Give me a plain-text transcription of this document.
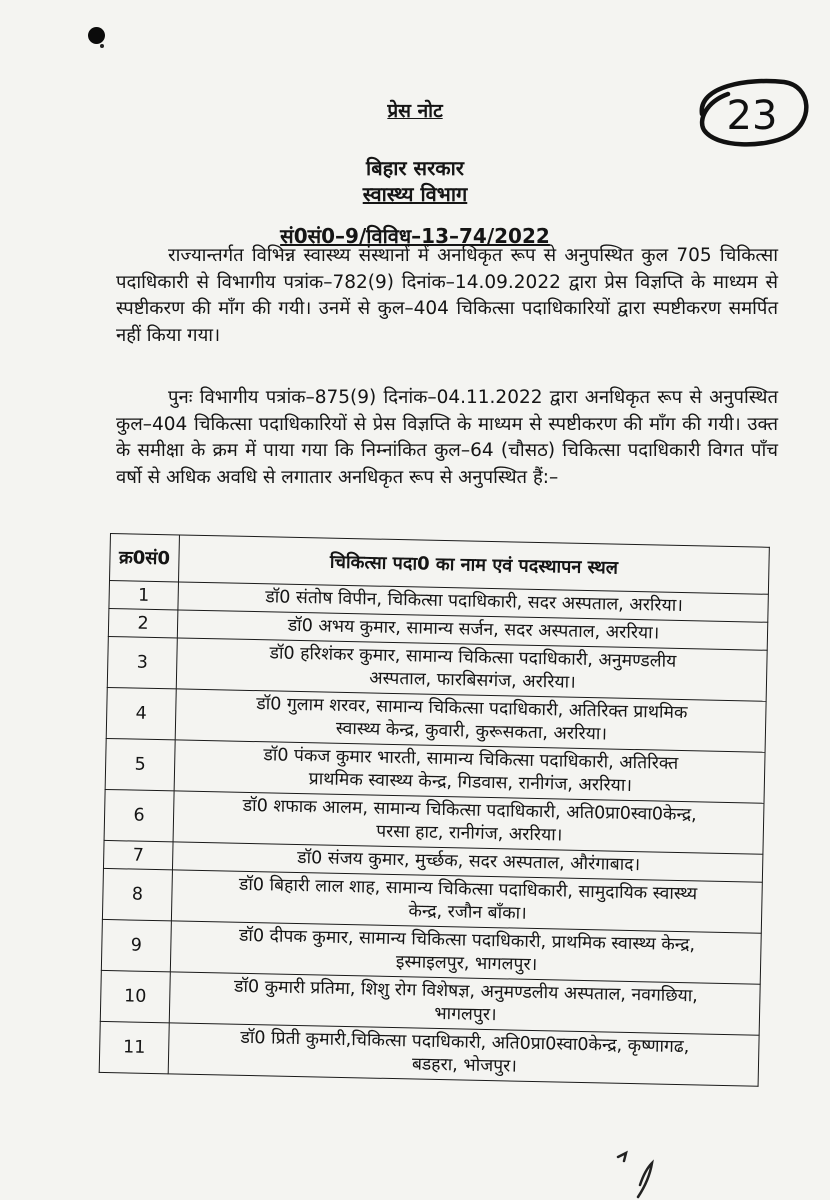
23
प्रेस नोट
बिहार सरकार
स्वास्थ्य विभाग
सं0सं0–9/विविध–13–74/2022
राज्यान्तर्गत विभिन्न स्वास्थ्य संस्थानों में अनधिकृत रूप से अनुपस्थित कुल 705 चिकित्सा पदाधिकारी से विभागीय पत्रांक–782(9) दिनांक–14.09.2022 द्वारा प्रेस विज्ञप्ति के माध्यम से स्पष्टीकरण की माँग की गयी। उनमें से कुल–404 चिकित्सा पदाधिकारियों द्वारा स्पष्टीकरण समर्पित नहीं किया गया।
पुनः विभागीय पत्रांक–875(9) दिनांक–04.11.2022 द्वारा अनधिकृत रूप से अनुपस्थित कुल–404 चिकित्सा पदाधिकारियों से प्रेस विज्ञप्ति के माध्यम से स्पष्टीकरण की माँग की गयी। उक्त के समीक्षा के क्रम में पाया गया कि निम्नांकित कुल–64 (चौसठ) चिकित्सा पदाधिकारी विगत पाँच वर्षो से अधिक अवधि से लगातार अनधिकृत रूप से अनुपस्थित हैं:–
क्र0सं0	चिकित्सा पदा0 का नाम एवं पदस्थापन स्थल
1	डॉ0 संतोष विपीन, चिकित्सा पदाधिकारी, सदर अस्पताल, अररिया।

2	डॉ0 अभय कुमार, सामान्य सर्जन, सदर अस्पताल, अररिया।

3	डॉ0 हरिशंकर कुमार, सामान्य चिकित्सा पदाधिकारी, अनुमण्डलीय
अस्पताल, फारबिसगंज, अररिया।

4	डॉ0 गुलाम शरवर, सामान्य चिकित्सा पदाधिकारी, अतिरिक्त प्राथमिक
स्वास्थ्य केन्द्र, कुवारी, कुरूसकता, अररिया।

5	डॉ0 पंकज कुमार भारती, सामान्य चिकित्सा पदाधिकारी, अतिरिक्त
प्राथमिक स्वास्थ्य केन्द्र, गिडवास, रानीगंज, अररिया।

6	डॉ0 शफाक आलम, सामान्य चिकित्सा पदाधिकारी, अति0प्रा0स्वा0केन्द्र,
परसा हाट, रानीगंज, अररिया।

7	डॉ0 संजय कुमार, मुर्च्छक, सदर अस्पताल, औरंगाबाद।

8	डॉ0 बिहारी लाल शाह, सामान्य चिकित्सा पदाधिकारी, सामुदायिक स्वास्थ्य
केन्द्र, रजौन बाँका।

9	डॉ0 दीपक कुमार, सामान्य चिकित्सा पदाधिकारी, प्राथमिक स्वास्थ्य केन्द्र,
इस्माइलपुर, भागलपुर।

10	डॉ0 कुमारी प्रतिमा, शिशु रोग विशेषज्ञ, अनुमण्डलीय अस्पताल, नवगछिया,
भागलपुर।

11	डॉ0 प्रिती कुमारी,चिकित्सा पदाधिकारी, अति0प्रा0स्वा0केन्द्र, कृष्णागढ,
बडहरा, भोजपुर।
